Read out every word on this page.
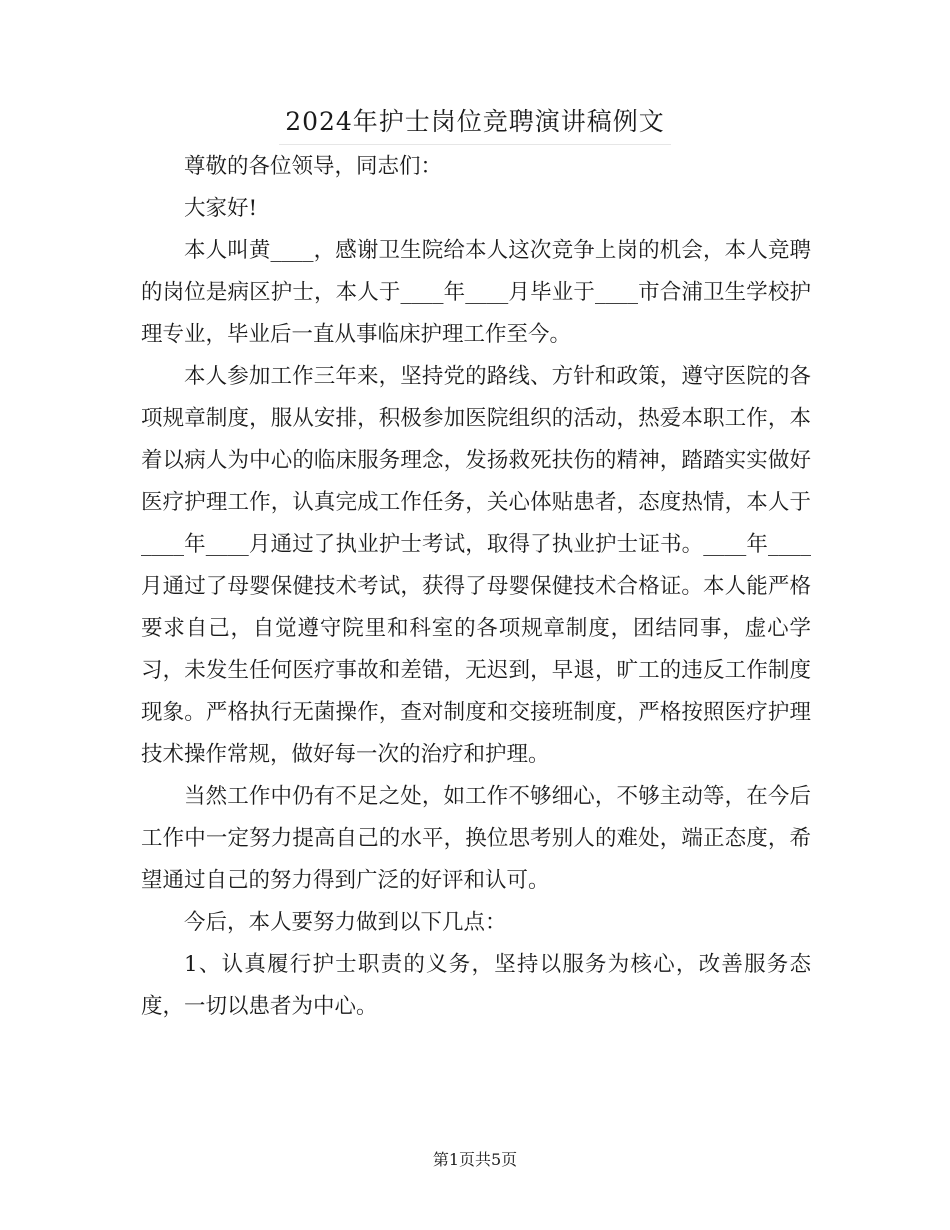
2024年护士岗位竞聘演讲稿例文

尊敬的各位领导，同志们：

大家好!

本人叫黄____，感谢卫生院给本人这次竞争上岗的机会，本人竞聘的岗位是病区护士，本人于____年____月毕业于____市合浦卫生学校护理专业，毕业后一直从事临床护理工作至今。

本人参加工作三年来，坚持党的路线、方针和政策，遵守医院的各项规章制度，服从安排，积极参加医院组织的活动，热爱本职工作，本着以病人为中心的临床服务理念，发扬救死扶伤的精神，踏踏实实做好医疗护理工作，认真完成工作任务，关心体贴患者，态度热情，本人于____年____月通过了执业护士考试，取得了执业护士证书。____年____月通过了母婴保健技术考试，获得了母婴保健技术合格证。本人能严格要求自己，自觉遵守院里和科室的各项规章制度，团结同事，虚心学习，未发生任何医疗事故和差错，无迟到，早退，旷工的违反工作制度现象。严格执行无菌操作，查对制度和交接班制度，严格按照医疗护理技术操作常规，做好每一次的治疗和护理。

当然工作中仍有不足之处，如工作不够细心，不够主动等，在今后工作中一定努力提高自己的水平，换位思考别人的难处，端正态度，希望通过自己的努力得到广泛的好评和认可。

今后，本人要努力做到以下几点：

1、认真履行护士职责的义务，坚持以服务为核心，改善服务态度，一切以患者为中心。

第1页共5页
